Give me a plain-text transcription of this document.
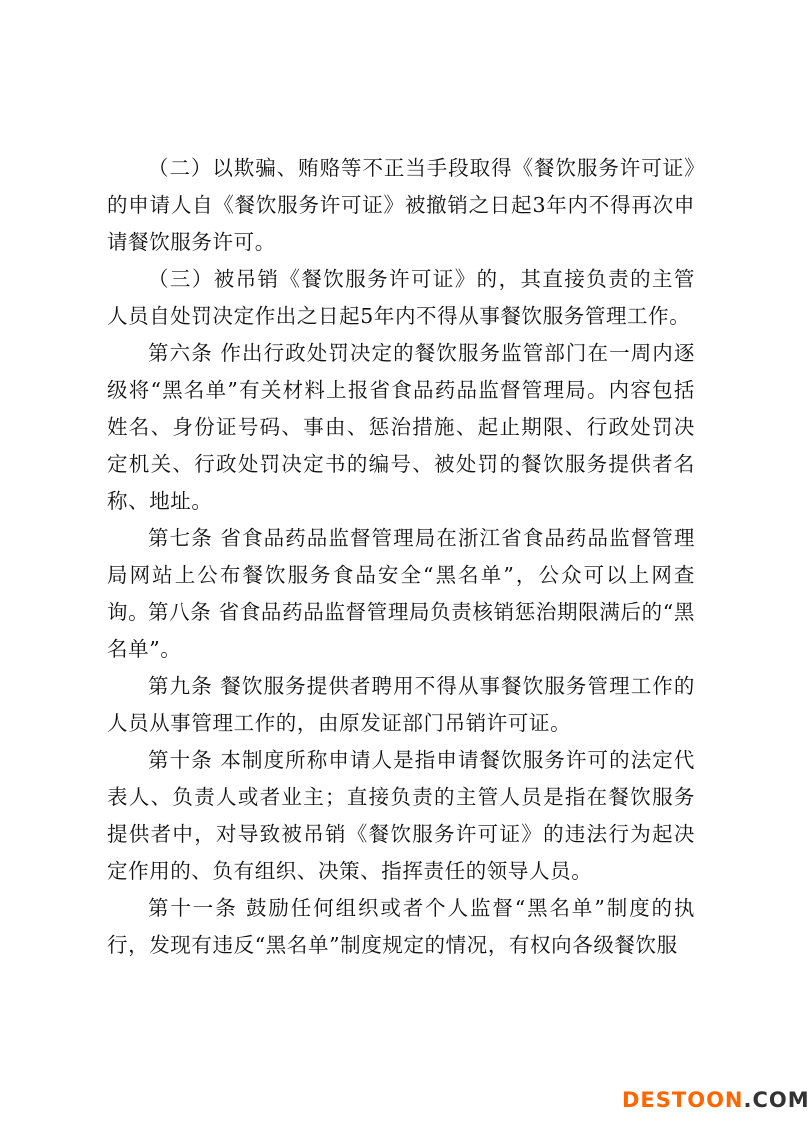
（二）以欺骗、贿赂等不正当手段取得《餐饮服务许可证》的申请人自《餐饮服务许可证》被撤销之日起3年内不得再次申请餐饮服务许可。

（三）被吊销《餐饮服务许可证》的，其直接负责的主管人员自处罚决定作出之日起5年内不得从事餐饮服务管理工作。

第六条 作出行政处罚决定的餐饮服务监管部门在一周内逐级将“黑名单”有关材料上报省食品药品监督管理局。内容包括姓名、身份证号码、事由、惩治措施、起止期限、行政处罚决定机关、行政处罚决定书的编号、被处罚的餐饮服务提供者名称、地址。

第七条 省食品药品监督管理局在浙江省食品药品监督管理局网站上公布餐饮服务食品安全“黑名单”，公众可以上网查询。

第八条 省食品药品监督管理局负责核销惩治期限满后的“黑名单”。

第九条 餐饮服务提供者聘用不得从事餐饮服务管理工作的人员从事管理工作的，由原发证部门吊销许可证。

第十条 本制度所称申请人是指申请餐饮服务许可的法定代表人、负责人或者业主；直接负责的主管人员是指在餐饮服务提供者中，对导致被吊销《餐饮服务许可证》的违法行为起决定作用的、负有组织、决策、指挥责任的领导人员。

第十一条 鼓励任何组织或者个人监督“黑名单”制度的执行，发现有违反“黑名单”制度规定的情况，有权向各级餐饮服

DESTOON.COM
